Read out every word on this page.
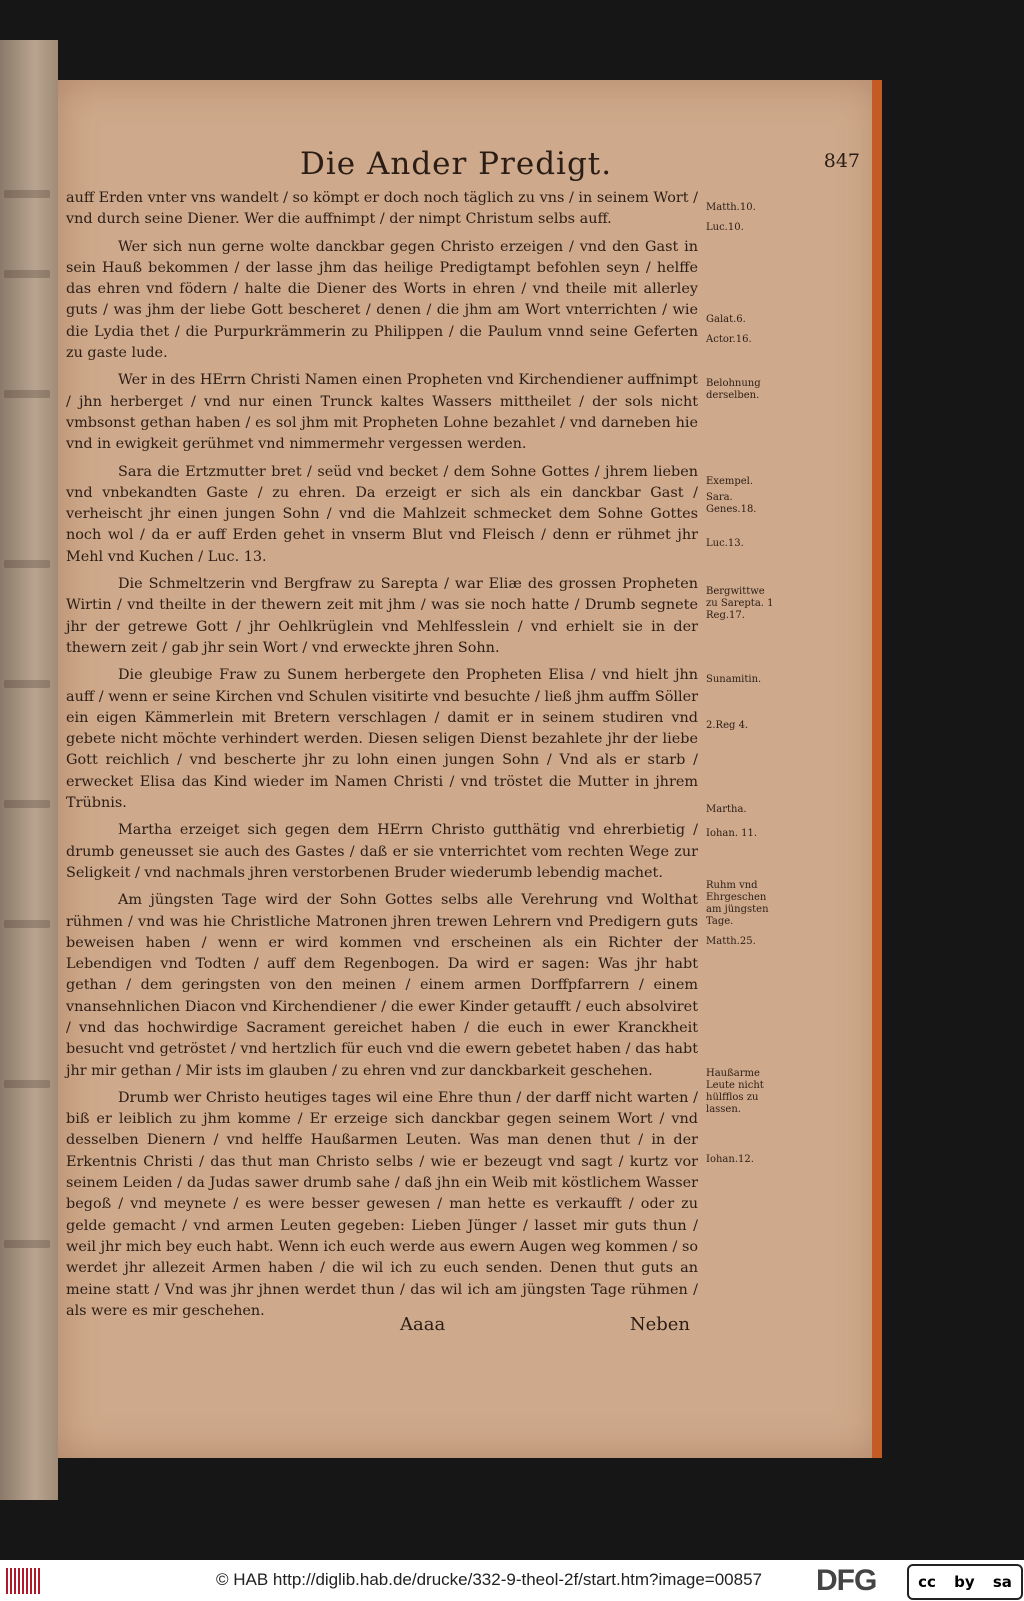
Die Ander Predigt.	847

auff Erden vnter vns wandelt / so kömpt er doch noch täglich zu vns / in seinem Wort / vnd durch seine Diener. Wer die auffnimpt / der nimpt Christum selbs auff.

Wer sich nun gerne wolte danckbar gegen Christo erzeigen / vnd den Gast in sein Hauß bekommen / der lasse jhm das heilige Predigtampt befohlen seyn / helffe das ehren vnd födern / halte die Diener des Worts in ehren / vnd theile mit allerley guts / was jhm der liebe Gott bescheret / denen / die jhm am Wort vnterrichten / wie die Lydia thet / die Purpurkrämmerin zu Philippen / die Paulum vnnd seine Geferten zu gaste lude.

Wer in des HErrn Christi Namen einen Propheten vnd Kirchendiener auffnimpt / jhn herberget / vnd nur einen Trunck kaltes Wassers mittheilet / der sols nicht vmbsonst gethan haben / es sol jhm mit Propheten Lohne bezahlet / vnd darneben hie vnd in ewigkeit gerühmet vnd nimmermehr vergessen werden.

Sara die Ertzmutter bret / seüd vnd becket / dem Sohne Gottes / jhrem lieben vnd vnbekandten Gaste / zu ehren. Da erzeigt er sich als ein danckbar Gast / verheischt jhr einen jungen Sohn / vnd die Mahlzeit schmecket dem Sohne Gottes noch wol / da er auff Erden gehet in vnserm Blut vnd Fleisch / denn er rühmet jhr Mehl vnd Kuchen / Luc. 13.

Die Schmeltzerin vnd Bergfraw zu Sarepta / war Eliæ des grossen Propheten Wirtin / vnd theilte in der thewern zeit mit jhm / was sie noch hatte / Drumb segnete jhr der getrewe Gott / jhr Oehlkrüglein vnd Mehlfesslein / vnd erhielt sie in der thewern zeit / gab jhr sein Wort / vnd erweckte jhren Sohn.

Die gleubige Fraw zu Sunem herbergete den Propheten Elisa / vnd hielt jhn auff / wenn er seine Kirchen vnd Schulen visitirte vnd besuchte / ließ jhm auffm Söller ein eigen Kämmerlein mit Bretern verschlagen / damit er in seinem studiren vnd gebete nicht möchte verhindert werden. Diesen seligen Dienst bezahlete jhr der liebe Gott reichlich / vnd bescherte jhr zu lohn einen jungen Sohn / Vnd als er starb / erwecket Elisa das Kind wieder im Namen Christi / vnd tröstet die Mutter in jhrem Trübnis.

Martha erzeiget sich gegen dem HErrn Christo gutthätig vnd ehrerbietig / drumb geneusset sie auch des Gastes / daß er sie vnterrichtet vom rechten Wege zur Seligkeit / vnd nachmals jhren verstorbenen Bruder wiederumb lebendig machet.

Am jüngsten Tage wird der Sohn Gottes selbs alle Verehrung vnd Wolthat rühmen / vnd was hie Christliche Matronen jhren trewen Lehrern vnd Predigern guts beweisen haben / wenn er wird kommen vnd erscheinen als ein Richter der Lebendigen vnd Todten / auff dem Regenbogen. Da wird er sagen: Was jhr habt gethan / dem geringsten von den meinen / einem armen Dorffpfarrern / einem vnansehnlichen Diacon vnd Kirchendiener / die ewer Kinder getaufft / euch absolviret / vnd das hochwirdige Sacrament gereichet haben / die euch in ewer Kranckheit besucht vnd getröstet / vnd hertzlich für euch vnd die ewern gebetet haben / das habt jhr mir gethan / Mir ists im glauben / zu ehren vnd zur danckbarkeit geschehen.

Drumb wer Christo heutiges tages wil eine Ehre thun / der darff nicht warten / biß er leiblich zu jhm komme / Er erzeige sich danckbar gegen seinem Wort / vnd desselben Dienern / vnd helffe Haußarmen Leuten. Was man denen thut / in der Erkentnis Christi / das thut man Christo selbs / wie er bezeugt vnd sagt / kurtz vor seinem Leiden / da Judas sawer drumb sahe / daß jhn ein Weib mit köstlichem Wasser begoß / vnd meynete / es were besser gewesen / man hette es verkaufft / oder zu gelde gemacht / vnd armen Leuten gegeben: Lieben Jünger / lasset mir guts thun / weil jhr mich bey euch habt. Wenn ich euch werde aus ewern Augen weg kommen / so werdet jhr allezeit Armen haben / die wil ich zu euch senden. Denen thut guts an meine statt / Vnd was jhr jhnen werdet thun / das wil ich am jüngsten Tage rühmen / als were es mir geschehen.

Matth.10.
Luc.10.
Galat.6.
Actor.16.
Belohnung derselben.
Exempel.
Sara. Genes.18.
Luc.13.
Bergwittwe zu Sarepta. 1 Reg.17.
Sunamitin.
2.Reg 4.
Martha.
Iohan. 11.
Ruhm vnd Ehrgeschen am jüngsten Tage.
Matth.25.
Haußarme Leute nicht hülfflos zu lassen.
Iohan.12.
Aaaa	Neben
© HAB http://diglib.hab.de/drucke/332-9-theol-2f/start.htm?image=00857 DFG	cc by sa
